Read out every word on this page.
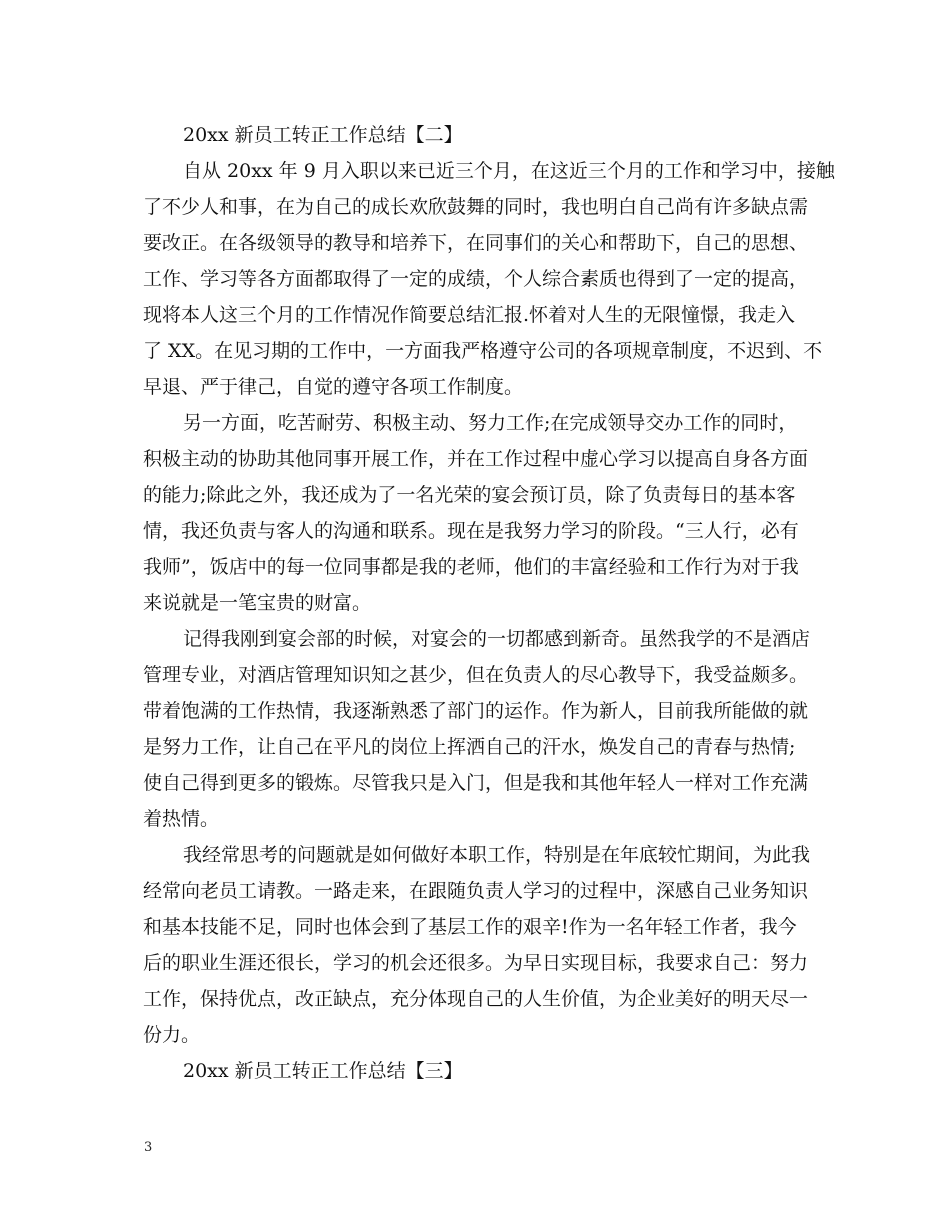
20xx 新员工转正工作总结【二】
自从 20xx 年 9 月入职以来已近三个月，在这近三个月的工作和学习中，接触
了不少人和事，在为自己的成长欢欣鼓舞的同时，我也明白自己尚有许多缺点需
要改正。在各级领导的教导和培养下，在同事们的关心和帮助下，自己的思想、
工作、学习等各方面都取得了一定的成绩，个人综合素质也得到了一定的提高，
现将本人这三个月的工作情况作简要总结汇报.怀着对人生的无限憧憬，我走入
了 XX。在见习期的工作中，一方面我严格遵守公司的各项规章制度，不迟到、不
早退、严于律己，自觉的遵守各项工作制度。
另一方面，吃苦耐劳、积极主动、努力工作;在完成领导交办工作的同时，
积极主动的协助其他同事开展工作，并在工作过程中虚心学习以提高自身各方面
的能力;除此之外，我还成为了一名光荣的宴会预订员，除了负责每日的基本客
情，我还负责与客人的沟通和联系。现在是我努力学习的阶段。“三人行，必有
我师”，饭店中的每一位同事都是我的老师，他们的丰富经验和工作行为对于我
来说就是一笔宝贵的财富。
记得我刚到宴会部的时候，对宴会的一切都感到新奇。虽然我学的不是酒店
管理专业，对酒店管理知识知之甚少，但在负责人的尽心教导下，我受益颇多。
带着饱满的工作热情，我逐渐熟悉了部门的运作。作为新人，目前我所能做的就
是努力工作，让自己在平凡的岗位上挥洒自己的汗水，焕发自己的青春与热情;
使自己得到更多的锻炼。尽管我只是入门，但是我和其他年轻人一样对工作充满
着热情。
我经常思考的问题就是如何做好本职工作，特别是在年底较忙期间，为此我
经常向老员工请教。一路走来，在跟随负责人学习的过程中，深感自己业务知识
和基本技能不足，同时也体会到了基层工作的艰辛!作为一名年轻工作者，我今
后的职业生涯还很长，学习的机会还很多。为早日实现目标，我要求自己：努力
工作，保持优点，改正缺点，充分体现自己的人生价值，为企业美好的明天尽一
份力。
20xx 新员工转正工作总结【三】
3
